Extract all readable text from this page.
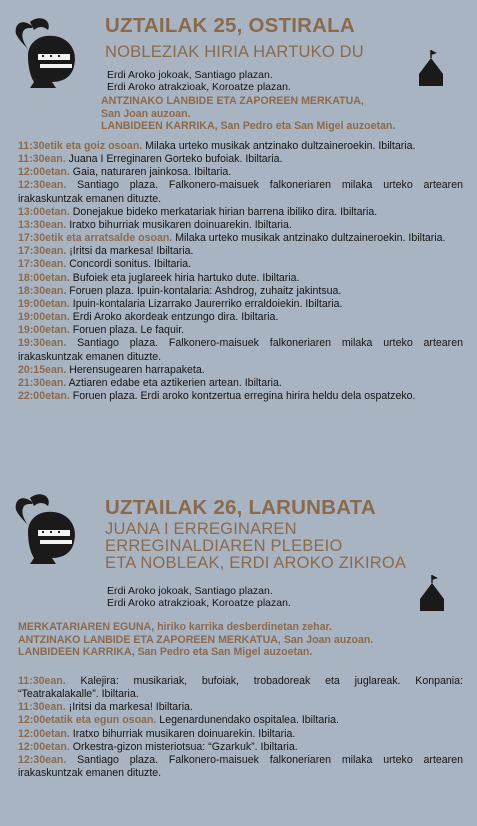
UZTAILAK 25, OSTIRALA
NOBLEZIAK HIRIA HARTUKO DU
Erdi Aroko jokoak, Santiago plazan.
Erdi Aroko atrakzioak, Koroatze plazan.
ANTZINAKO LANBIDE ETA ZAPOREEN MERKATUA,
San Joan auzoan.
LANBIDEEN KARRIKA, San Pedro eta San Migel auzoetan.

11:30etik eta goiz osoan. Milaka urteko musikak antzinako dultzaineroekin. Ibiltaria.

11:30ean. Juana I Erreginaren Gorteko bufoiak. Ibiltaria.

12:00etan. Gaia, naturaren jainkosa. Ibiltaria.

12:30ean. Santiago plaza. Falkonero-maisuek falkoneriaren milaka urteko artearen irakaskuntzak emanen dituzte.

13:00etan. Donejakue bideko merkatariak hirian barrena ibiliko dira. Ibiltaria.

13:30ean. Iratxo bihurriak musikaren doinuarekin. Ibiltaria.

17:30etik eta arratsalde osoan. Milaka urteko musikak antzinako dultzaineroekin. Ibiltaria.

17:30ean. ¡Iritsi da markesa! Ibiltaria.

17:30ean. Concordi sonitus. Ibiltaria.

18:00etan. Bufoiek eta juglareek hiria hartuko dute. Ibiltaria.

18:30ean. Foruen plaza. Ipuin-kontalaria: Ashdrog, zuhaitz jakintsua.

19:00etan. Ipuin-kontalaria Lizarrako Jaurerriko erraldoiekin. Ibiltaria.

19:00etan. Erdi Aroko akordeak entzungo dira. Ibiltaria.

19:00etan. Foruen plaza. Le faquir.

19:30ean. Santiago plaza. Falkonero-maisuek falkoneriaren milaka urteko artearen irakaskuntzak emanen dituzte.

20:15ean. Herensugearen harrapaketa.

21:30ean. Aztiaren edabe eta aztikerien artean. Ibiltaria.

22:00etan. Foruen plaza. Erdi aroko kontzertua erregina hirira heldu dela ospatzeko.

UZTAILAK 26, LARUNBATA
JUANA I ERREGINAREN
ERREGINALDIAREN PLEBEIO
ETA NOBLEAK, ERDI AROKO ZIKIROA
Erdi Aroko jokoak, Santiago plazan.
Erdi Aroko atrakzioak, Koroatze plazan.
MERKATARIAREN EGUNA, hiriko karrika desberdinetan zehar.
ANTZINAKO LANBIDE ETA ZAPOREEN MERKATUA, San Joan auzoan.
LANBIDEEN KARRIKA, San Pedro eta San Migel auzoetan.

11:30ean. Kalejira: musikariak, bufoiak, trobadoreak eta juglareak. Konpania: “Teatrakalakalle”. Ibiltaria.

11:30ean. ¡Iritsi da markesa! Ibiltaria.

12:00etatik eta egun osoan. Legenardunendako ospitalea. Ibiltaria.

12:00etan. Iratxo bihurriak musikaren doinuarekin. Ibiltaria.

12:00etan. Orkestra-gizon misteriotsua: “Gzarkuk”. Ibiltaria.

12:30ean. Santiago plaza. Falkonero-maisuek falkoneriaren milaka urteko artearen irakaskuntzak emanen dituzte.
